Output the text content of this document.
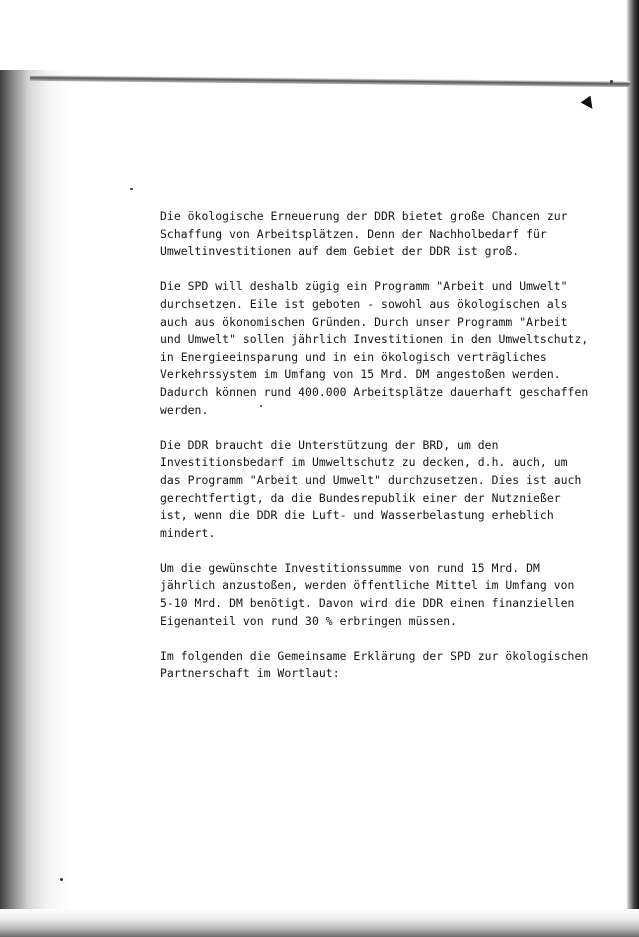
Die ökologische Erneuerung der DDR bietet große Chancen zur
Schaffung von Arbeitsplätzen. Denn der Nachholbedarf für
Umweltinvestitionen auf dem Gebiet der DDR ist groß.
Die SPD will deshalb zügig ein Programm "Arbeit und Umwelt"
durchsetzen. Eile ist geboten - sowohl aus ökologischen als
auch aus ökonomischen Gründen. Durch unser Programm "Arbeit
und Umwelt" sollen jährlich Investitionen in den Umweltschutz,
in Energieeinsparung und in ein ökologisch verträgliches
Verkehrssystem im Umfang von 15 Mrd. DM angestoßen werden.
Dadurch können rund 400.000 Arbeitsplätze dauerhaft geschaffen
werden.
Die DDR braucht die Unterstützung der BRD, um den
Investitionsbedarf im Umweltschutz zu decken, d.h. auch, um
das Programm "Arbeit und Umwelt" durchzusetzen. Dies ist auch
gerechtfertigt, da die Bundesrepublik einer der Nutznießer
ist, wenn die DDR die Luft- und Wasserbelastung erheblich
mindert.
Um die gewünschte Investitionssumme von rund 15 Mrd. DM
jährlich anzustoßen, werden öffentliche Mittel im Umfang von
5-10 Mrd. DM benötigt. Davon wird die DDR einen finanziellen
Eigenanteil von rund 30 % erbringen müssen.
Im folgenden die Gemeinsame Erklärung der SPD zur ökologischen
Partnerschaft im Wortlaut:
